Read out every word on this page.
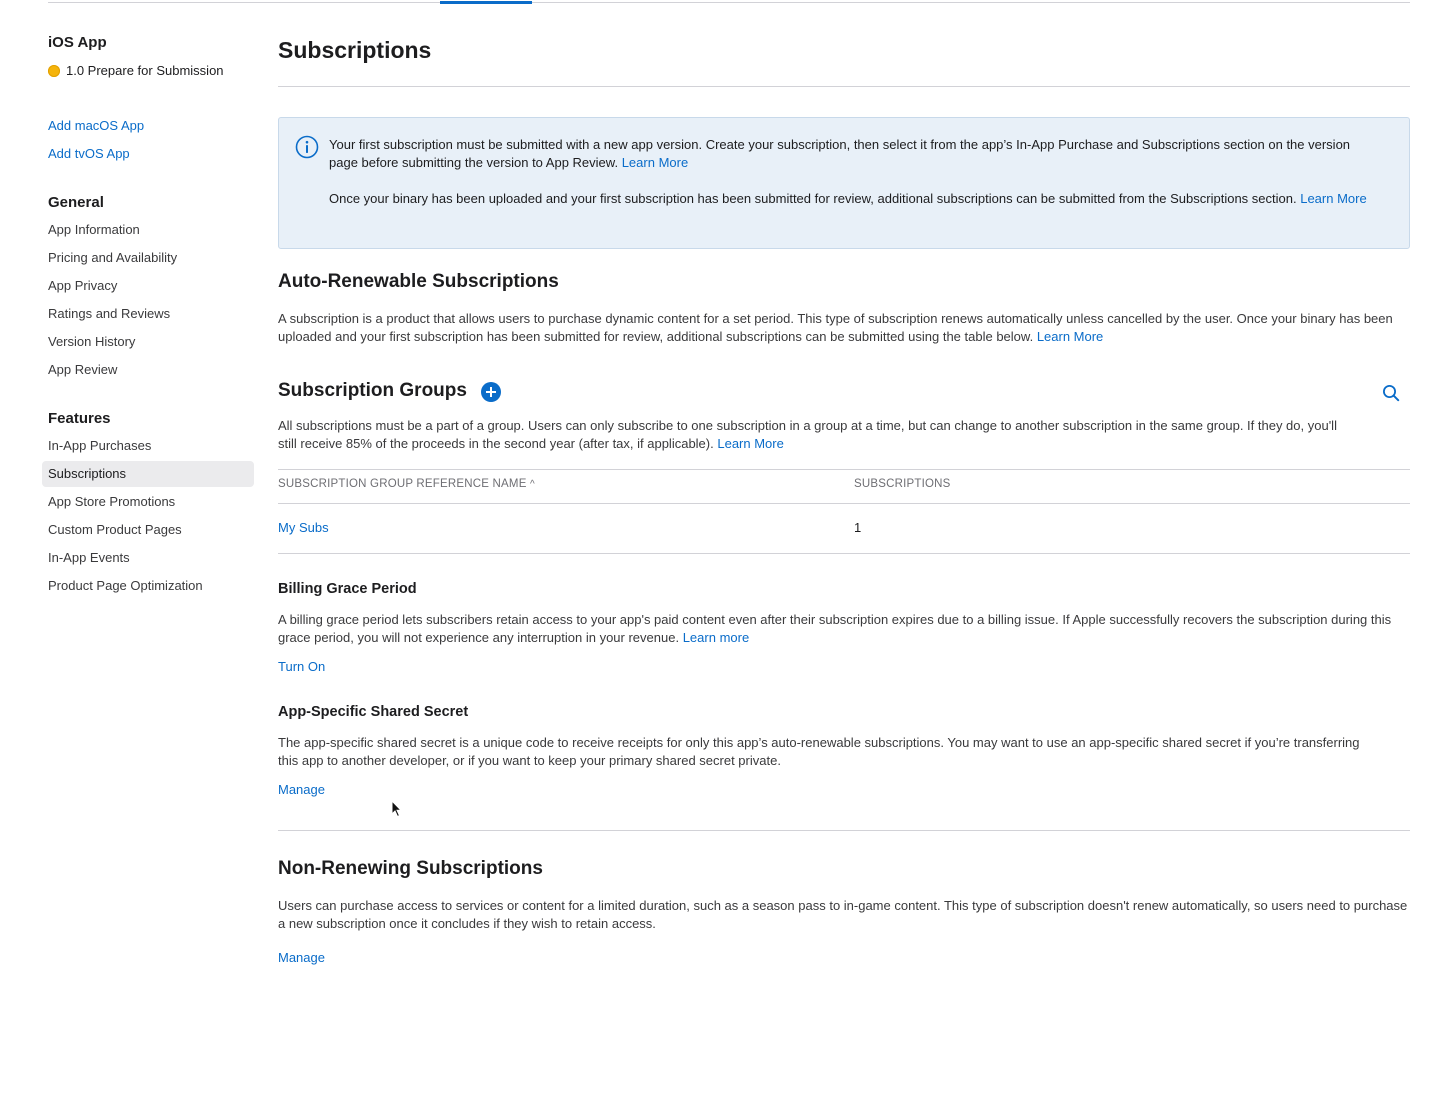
iOS App
1.0 Prepare for Submission
Add macOS App
Add tvOS App
General
App Information
Pricing and Availability
App Privacy
Ratings and Reviews
Version History
App Review
Features
In-App Purchases
Subscriptions
App Store Promotions
Custom Product Pages
In-App Events
Product Page Optimization
Subscriptions

Your first subscription must be submitted with a new app version. Create your subscription, then select it from the app’s In-App Purchase and Subscriptions section on the version page before submitting the version to App Review. Learn More

Once your binary has been uploaded and your first subscription has been submitted for review, additional subscriptions can be submitted from the Subscriptions section. Learn More

Auto-Renewable Subscriptions

A subscription is a product that allows users to purchase dynamic content for a set period. This type of subscription renews automatically unless cancelled by the user. Once your binary has been uploaded and your first subscription has been submitted for review, additional subscriptions can be submitted using the table below. Learn More

Subscription Groups

All subscriptions must be a part of a group. Users can only subscribe to one subscription in a group at a time, but can change to another subscription in the same group. If they do, you'll still receive 85% of the proceeds in the second year (after tax, if applicable). Learn More

SUBSCRIPTION GROUP REFERENCE NAME ^	SUBSCRIPTIONS
My Subs	1
Billing Grace Period

A billing grace period lets subscribers retain access to your app's paid content even after their subscription expires due to a billing issue. If Apple successfully recovers the subscription during this grace period, you will not experience any interruption in your revenue. Learn more

Turn On
App-Specific Shared Secret

The app-specific shared secret is a unique code to receive receipts for only this app’s auto-renewable subscriptions. You may want to use an app-specific shared secret if you’re transferring this app to another developer, or if you want to keep your primary shared secret private.

Manage
Non-Renewing Subscriptions

Users can purchase access to services or content for a limited duration, such as a season pass to in-game content. This type of subscription doesn't renew automatically, so users need to purchase a new subscription once it concludes if they wish to retain access.

Manage
